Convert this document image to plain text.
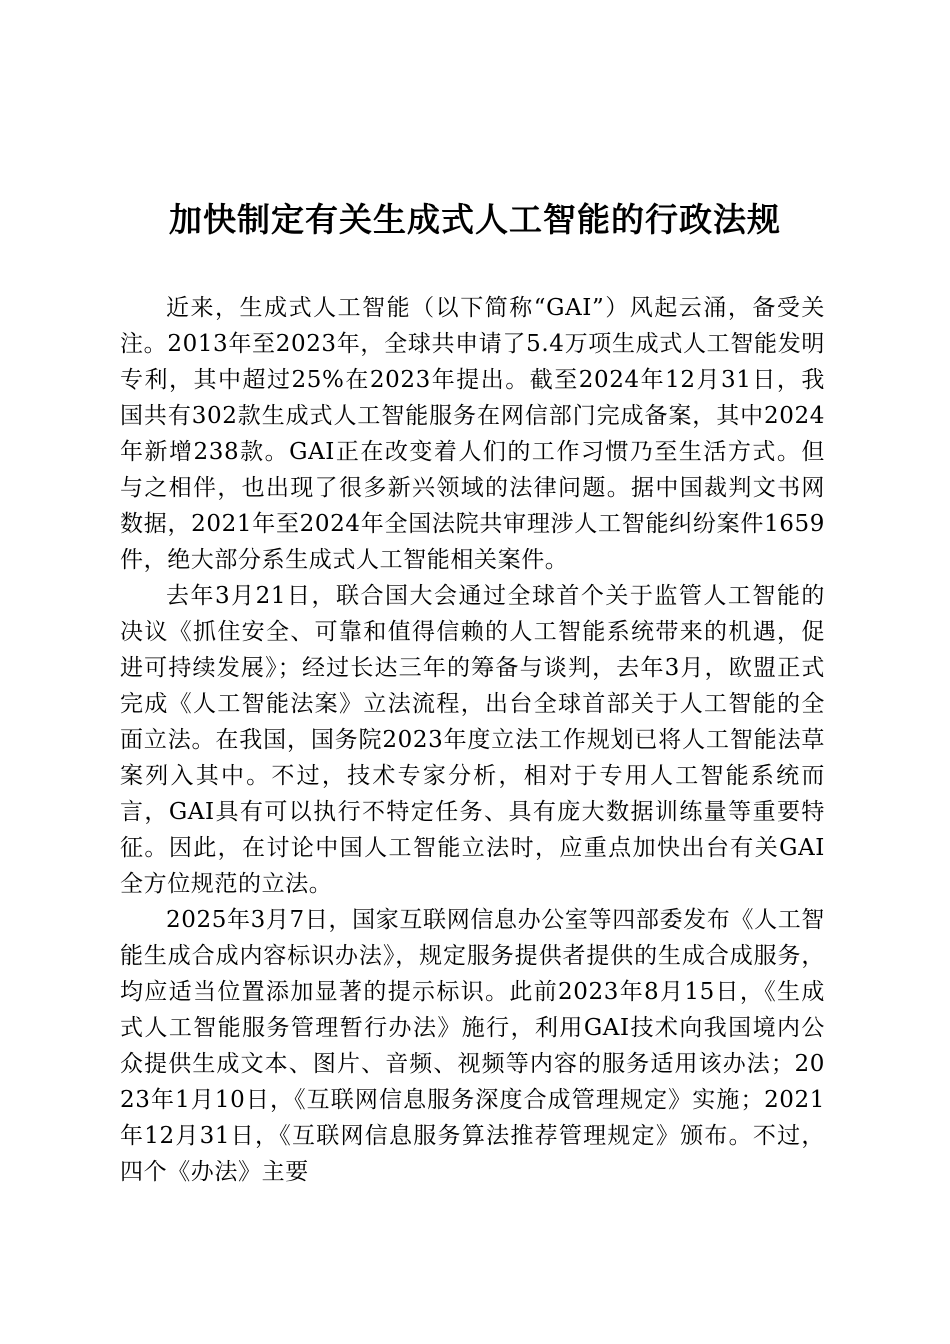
加快制定有关生成式人工智能的行政法规

近来，生成式人工智能（以下简称“GAI”）风起云涌，备受关注。2013年至2023年，全球共申请了5.4万项生成式人工智能发明专利，其中超过25%在2023年提出。截至2024年12月31日，我国共有302款生成式人工智能服务在网信部门完成备案，其中2024年新增238款。GAI正在改变着人们的工作习惯乃至生活方式。但与之相伴，也出现了很多新兴领域的法律问题。据中国裁判文书网数据，2021年至2024年全国法院共审理涉人工智能纠纷案件1659件，绝大部分系生成式人工智能相关案件。

去年3月21日，联合国大会通过全球首个关于监管人工智能的决议《抓住安全、可靠和值得信赖的人工智能系统带来的机遇，促进可持续发展》；经过长达三年的筹备与谈判，去年3月，欧盟正式完成《人工智能法案》立法流程，出台全球首部关于人工智能的全面立法。在我国，国务院2023年度立法工作规划已将人工智能法草案列入其中。不过，技术专家分析，相对于专用人工智能系统而言，GAI具有可以执行不特定任务、具有庞大数据训练量等重要特征。因此，在讨论中国人工智能立法时，应重点加快出台有关GAI全方位规范的立法。

2025年3月7日，国家互联网信息办公室等四部委发布《人工智能生成合成内容标识办法》，规定服务提供者提供的生成合成服务，均应适当位置添加显著的提示标识。此前2023年8月15日，《生成式人工智能服务管理暂行办法》施行，利用GAI技术向我国境内公众提供生成文本、图片、音频、视频等内容的服务适用该办法；2023年1月10日，《互联网信息服务深度合成管理规定》实施；2021年12月31日，《互联网信息服务算法推荐管理规定》颁布。不过，四个《办法》主要
